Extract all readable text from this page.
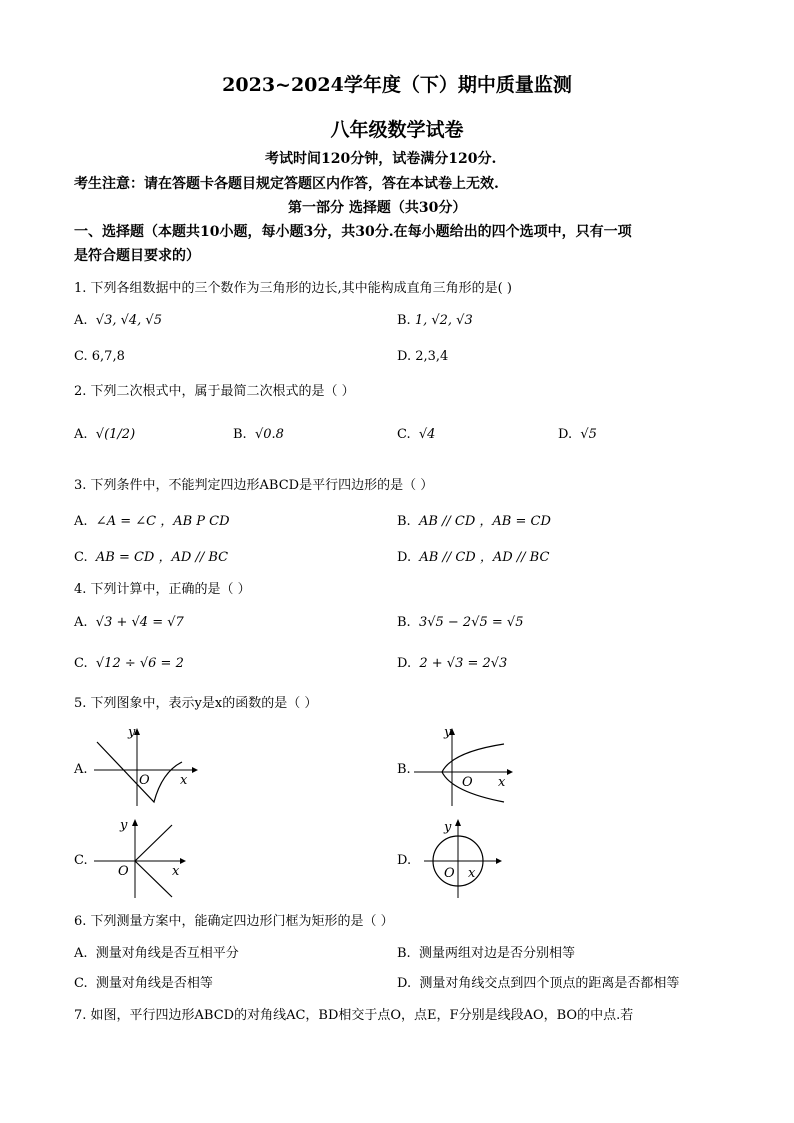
2023~2024学年度（下）期中质量监测
八年级数学试卷
考试时间120分钟，试卷满分120分.
考生注意：请在答题卡各题目规定答题区内作答，答在本试卷上无效.
第一部分 选择题（共30分）
一、选择题（本题共10小题，每小题3分，共30分.在每小题给出的四个选项中，只有一项
是符合题目要求的）
1. 下列各组数据中的三个数作为三角形的边长,其中能构成直角三角形的是( )
A. √3, √4, √5	B. 1, √2, √3
C. 6,7,8	D. 2,3,4
2. 下列二次根式中，属于最简二次根式的是（ ）
A. √(1/2)	B. √0.8	C. √4	D. √5
3. 下列条件中，不能判定四边形ABCD是平行四边形的是（ ）
A. ∠A = ∠C ，AB P CD	B. AB // CD ，AB = CD
C. AB = CD ，AD // BC	D. AB // CD ，AD // BC
4. 下列计算中，正确的是（ ）
A. √3 + √4 = √7	B. 3√5 − 2√5 = √5
C. √12 ÷ √6 = 2	D. 2 + √3 = 2√3
5. 下列图象中，表示y是x的函数的是（ ）
A.
y
x
O
B.
y
x
O
C.
y
x
O
D.
y
x
O
6. 下列测量方案中，能确定四边形门框为矩形的是（ ）
A. 测量对角线是否互相平分	B. 测量两组对边是否分别相等
C. 测量对角线是否相等	D. 测量对角线交点到四个顶点的距离是否都相等
7. 如图，平行四边形ABCD的对角线AC，BD相交于点O，点E，F分别是线段AO，BO的中点.若
